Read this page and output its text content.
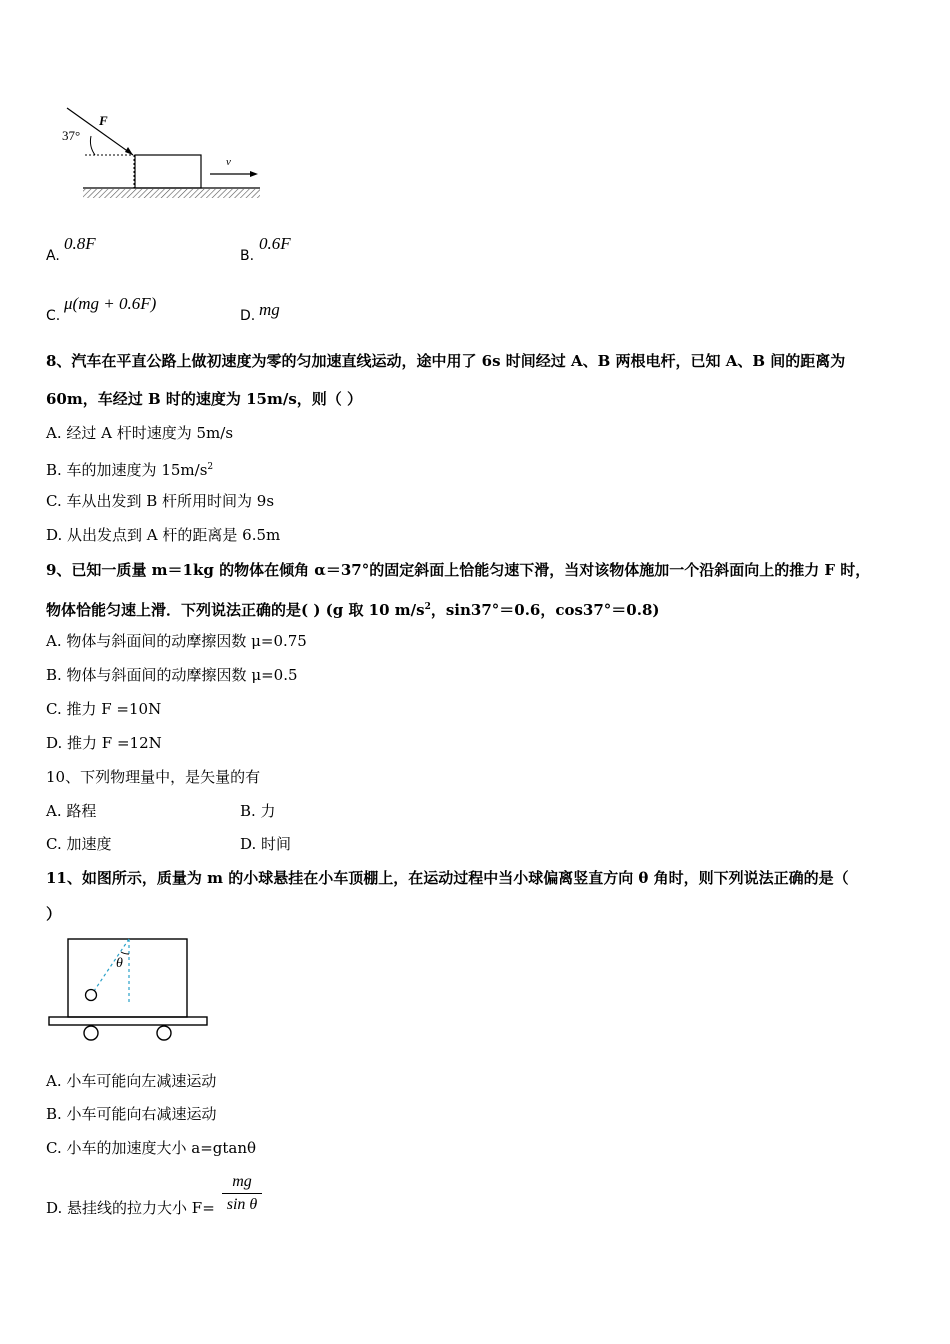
37°
F
v
A.
0.8F
B.
0.6F
C.
μ(mg + 0.6F)
D. mg
8、汽车在平直公路上做初速度为零的匀加速直线运动，途中用了 6s 时间经过 A、B 两根电杆，已知 A、B 间的距离为
60m，车经过 B 时的速度为 15m/s，则（ ）
A. 经过 A 杆时速度为 5m/s
B. 车的加速度为 $15m/s^2$
C. 车从出发到 B 杆所用时间为 9s
D. 从出发点到 A 杆的距离是 6.5m
9、已知一质量 m＝1kg 的物体在倾角 α＝37°的固定斜面上恰能匀速下滑，当对该物体施加一个沿斜面向上的推力 F 时，
物体恰能匀速上滑．下列说法正确的是( ) (g 取 10 $m/s^2$，sin37°＝0.6，cos37°＝0.8)
A. 物体与斜面间的动摩擦因数 μ=0.75
B. 物体与斜面间的动摩擦因数 μ=0.5
C. 推力 F =10N
D. 推力 F =12N
10、下列物理量中，是矢量的有
A. 路程	B. 力
C. 加速度	D. 时间
11、如图所示，质量为 m 的小球悬挂在小车顶棚上，在运动过程中当小球偏离竖直方向 θ 角时，则下列说法正确的是（
）
θ
A. 小车可能向左减速运动
B. 小车可能向右减速运动
C. 小车的加速度大小 a=gtanθ
D. 悬挂线的拉力大小 $F= \frac{mg}{\text{sin θ}}$
